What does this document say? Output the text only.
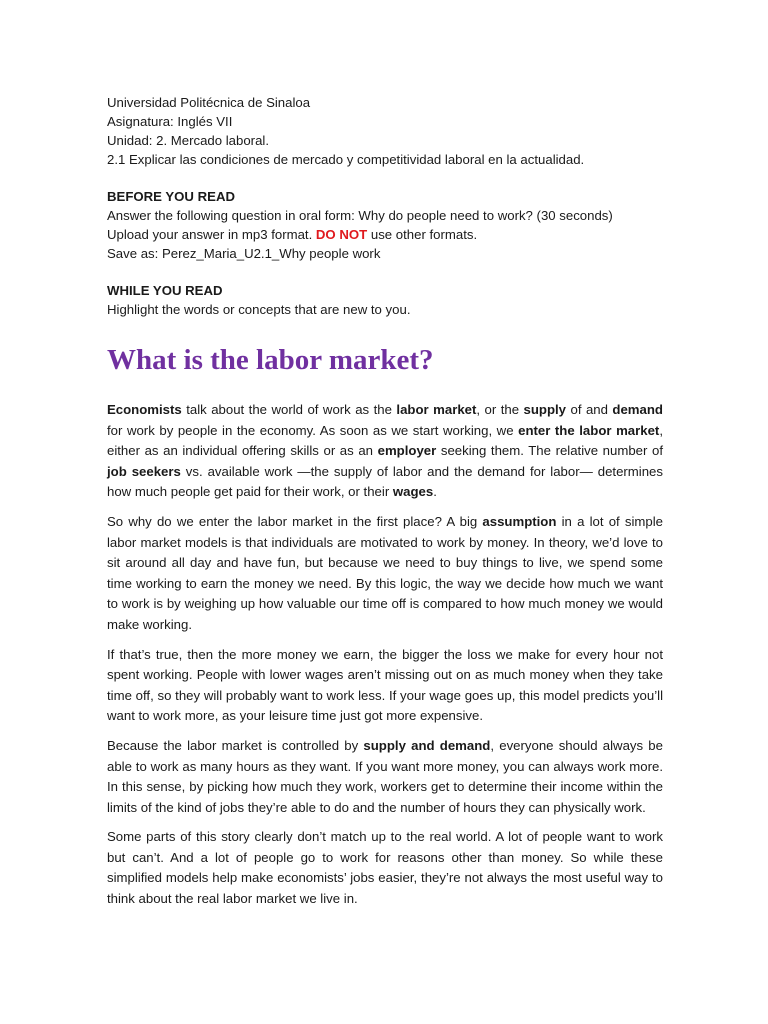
Universidad Politécnica de Sinaloa

Asignatura: Inglés VII

Unidad: 2. Mercado laboral.

2.1 Explicar las condiciones de mercado y competitividad laboral en la actualidad.

BEFORE YOU READ

Answer the following question in oral form: Why do people need to work? (30 seconds)

Upload your answer in mp3 format. DO NOT use other formats.

Save as: Perez_Maria_U2.1_Why people work

WHILE YOU READ

Highlight the words or concepts that are new to you.

What is the labor market?

Economists talk about the world of work as the labor market, or the supply of and demand for work by people in the economy. As soon as we start working, we enter the labor market, either as an individual offering skills or as an employer seeking them. The relative number of job seekers vs. available work —the supply of labor and the demand for labor— determines how much people get paid for their work, or their wages.

So why do we enter the labor market in the first place? A big assumption in a lot of simple labor market models is that individuals are motivated to work by money. In theory, we’d love to sit around all day and have fun, but because we need to buy things to live, we spend some time working to earn the money we need. By this logic, the way we decide how much we want to work is by weighing up how valuable our time off is compared to how much money we would make working.

If that’s true, then the more money we earn, the bigger the loss we make for every hour not spent working. People with lower wages aren’t missing out on as much money when they take time off, so they will probably want to work less. If your wage goes up, this model predicts you’ll want to work more, as your leisure time just got more expensive.

Because the labor market is controlled by supply and demand, everyone should always be able to work as many hours as they want. If you want more money, you can always work more. In this sense, by picking how much they work, workers get to determine their income within the limits of the kind of jobs they’re able to do and the number of hours they can physically work.

Some parts of this story clearly don’t match up to the real world. A lot of people want to work but can’t. And a lot of people go to work for reasons other than money. So while these simplified models help make economists’ jobs easier, they’re not always the most useful way to think about the real labor market we live in.
